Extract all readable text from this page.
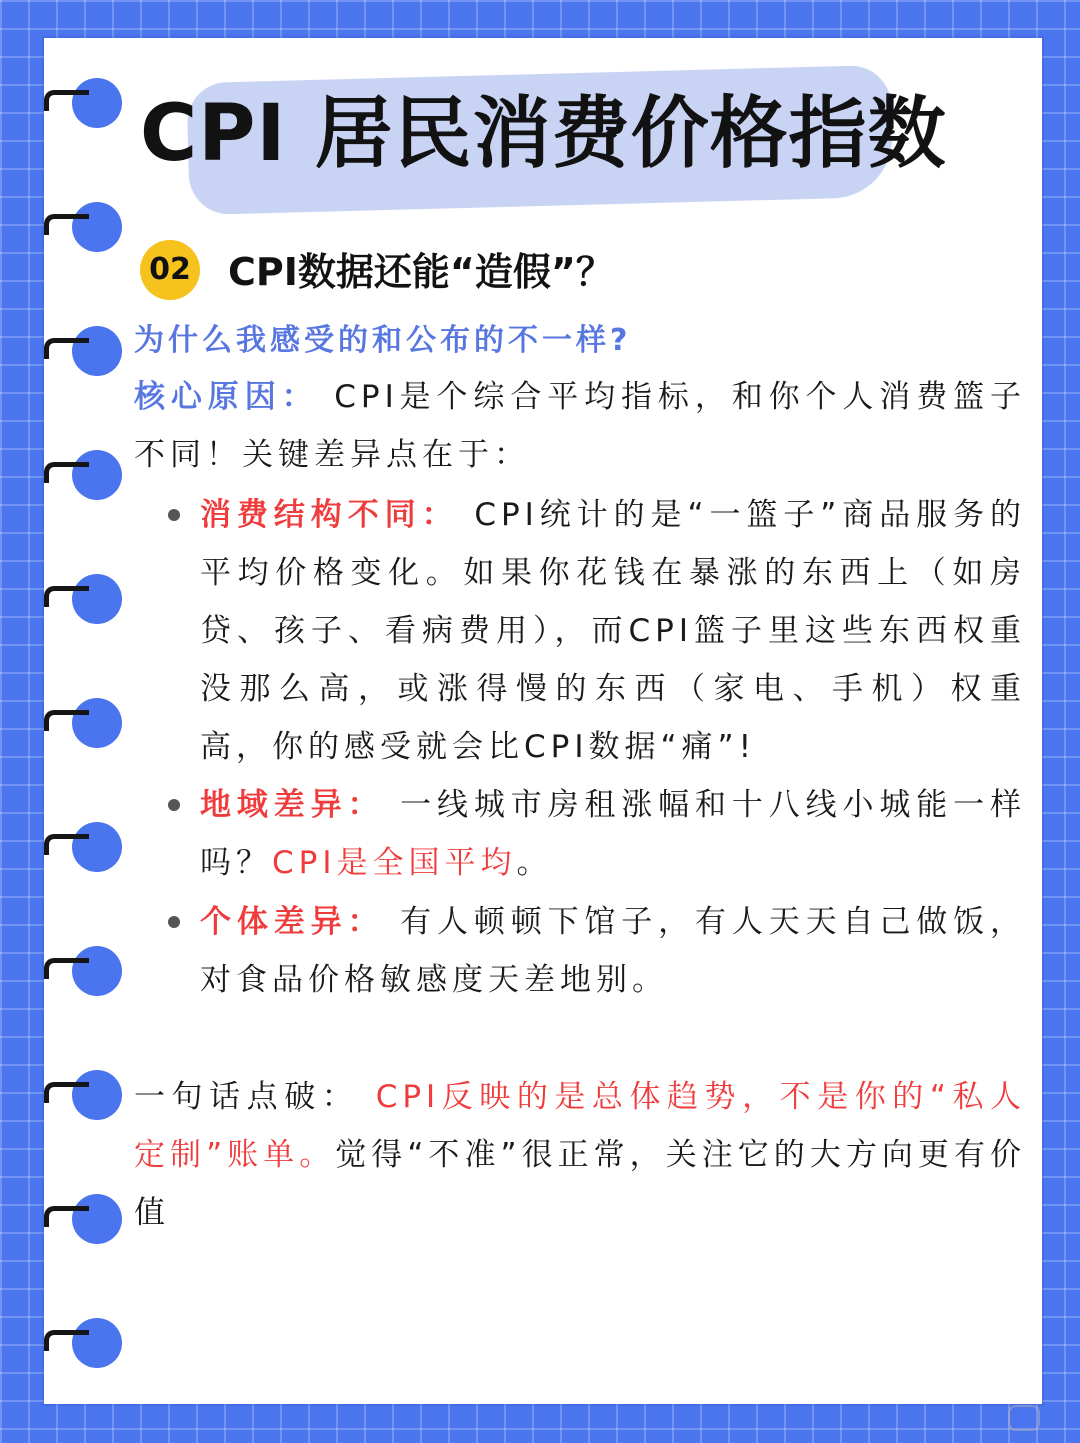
CPI 居民消费价格指数
02 CPI数据还能“造假”？
为什么我感受的和公布的不一样?
核心原因： CPI是个综合平均指标，和你个人消费篮子不同！关键差异点在于：
消费结构不同： CPI统计的是“一篮子”商品服务的平均价格变化。如果你花钱在暴涨的东西上（如房贷、孩子、看病费用），而CPI篮子里这些东西权重没那么高，或涨得慢的东西（家电、手机）权重高，你的感受就会比CPI数据“痛”!
地域差异： 一线城市房租涨幅和十八线小城能一样吗？CPI是全国平均。
个体差异： 有人顿顿下馆子，有人天天自己做饭，对食品价格敏感度天差地别。
一句话点破： CPI反映的是总体趋势，不是你的“私人定制”账单。觉得“不准”很正常，关注它的大方向更有价值
